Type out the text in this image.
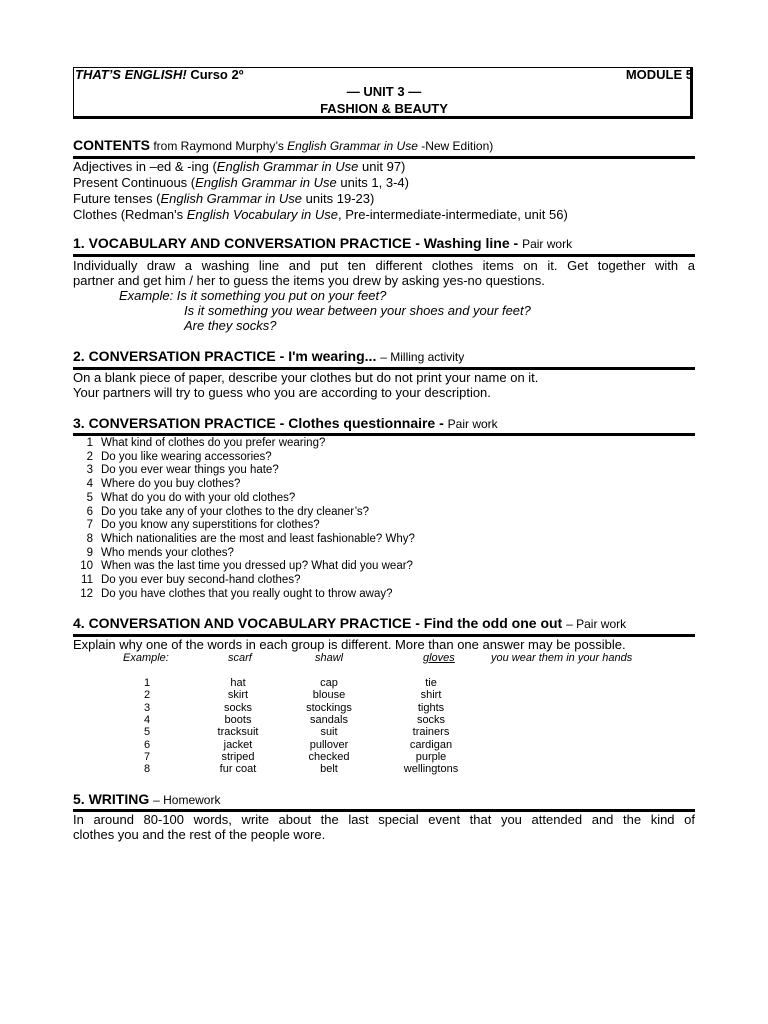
THAT’S ENGLISH! Curso 2º	MODULE 5
— UNIT 3 —
FASHION & BEAUTY
CONTENTS from Raymond Murphy’s English Grammar in Use -New Edition)
Adjectives in –ed & -ing (English Grammar in Use unit 97)
Present Continuous (English Grammar in Use units 1, 3-4)
Future tenses (English Grammar in Use units 19-23)
Clothes (Redman's English Vocabulary in Use, Pre-intermediate-intermediate, unit 56)
1. VOCABULARY AND CONVERSATION PRACTICE - Washing line - Pair work
Individually draw a washing line and put ten different clothes items on it. Get together with a
partner and get him / her to guess the items you drew by asking yes-no questions.
Example: Is it something you put on your feet?
Is it something you wear between your shoes and your feet?
Are they socks?
2. CONVERSATION PRACTICE - I'm wearing... – Milling activity
On a blank piece of paper, describe your clothes but do not print your name on it.
Your partners will try to guess who you are according to your description.
3. CONVERSATION PRACTICE - Clothes questionnaire - Pair work
1 What kind of clothes do you prefer wearing?
2 Do you like wearing accessories?
3 Do you ever wear things you hate?
4 Where do you buy clothes?
5 What do you do with your old clothes?
6 Do you take any of your clothes to the dry cleaner’s?
7 Do you know any superstitions for clothes?
8 Which nationalities are the most and least fashionable? Why?
9 Who mends your clothes?
10 When was the last time you dressed up? What did you wear?
11 Do you ever buy second-hand clothes?
12 Do you have clothes that you really ought to throw away?
4. CONVERSATION AND VOCABULARY PRACTICE - Find the odd one out – Pair work
Explain why one of the words in each group is different. More than one answer may be possible.
Example:	scarf	shawl	gloves	you wear them in your hands
1	hat	cap	tie
2	skirt	blouse	shirt
3	socks	stockings	tights
4	boots	sandals	socks
5	tracksuit	suit	trainers
6	jacket	pullover	cardigan
7	striped	checked	purple
8	fur coat	belt	wellingtons
5. WRITING – Homework
In around 80-100 words, write about the last special event that you attended and the kind of
clothes you and the rest of the people wore.
